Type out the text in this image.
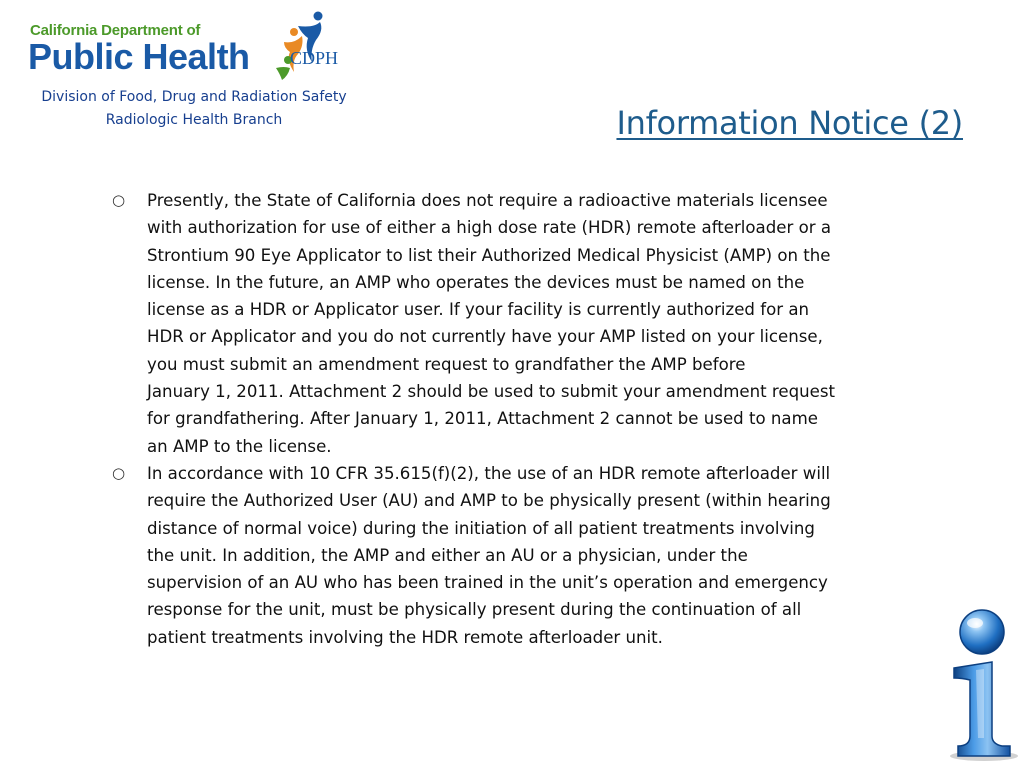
California Department of
Public Health CDPH
Division of Food, Drug and Radiation Safety
Radiologic Health Branch	Information Notice (2)
○ Presently, the State of California does not require a radioactive materials licensee
with authorization for use of either a high dose rate (HDR) remote afterloader or a
Strontium 90 Eye Applicator to list their Authorized Medical Physicist (AMP) on the
license. In the future, an AMP who operates the devices must be named on the
license as a HDR or Applicator user. If your facility is currently authorized for an
HDR or Applicator and you do not currently have your AMP listed on your license,
you must submit an amendment request to grandfather the AMP before
January 1, 2011. Attachment 2 should be used to submit your amendment request
for grandfathering. After January 1, 2011, Attachment 2 cannot be used to name
an AMP to the license.
○ In accordance with 10 CFR 35.615(f)(2), the use of an HDR remote afterloader will
require the Authorized User (AU) and AMP to be physically present (within hearing
distance of normal voice) during the initiation of all patient treatments involving
the unit. In addition, the AMP and either an AU or a physician, under the
supervision of an AU who has been trained in the unit’s operation and emergency
response for the unit, must be physically present during the continuation of all
patient treatments involving the HDR remote afterloader unit.
